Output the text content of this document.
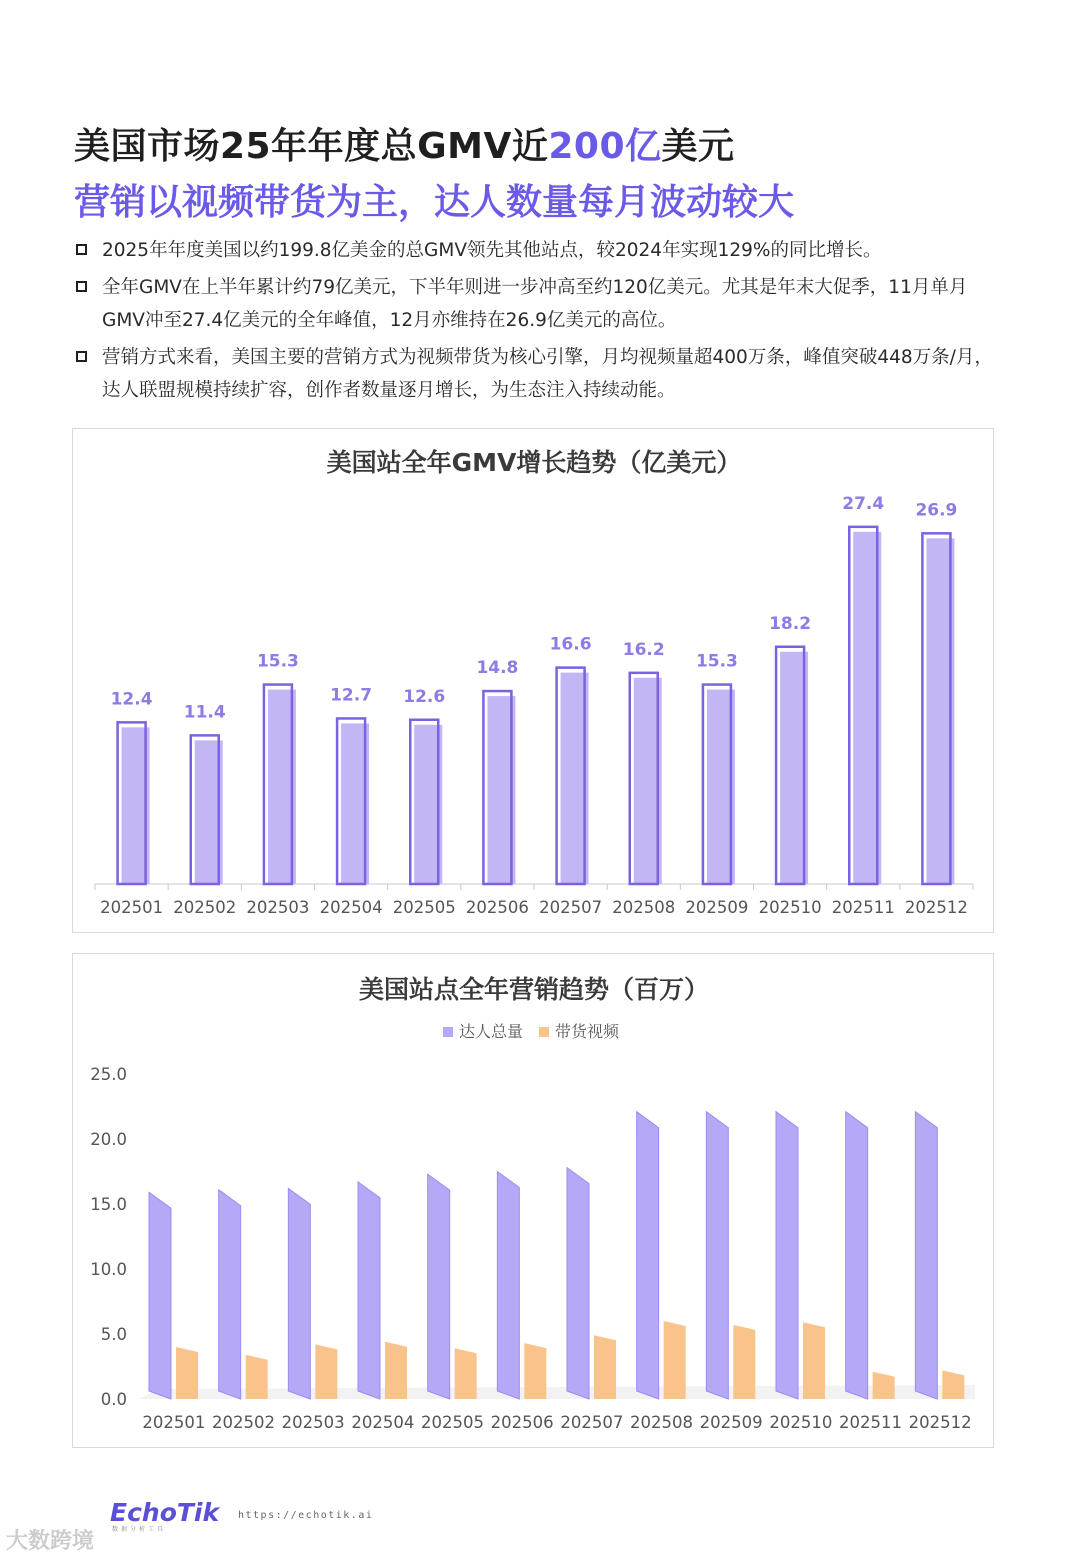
美国市场25年年度总GMV近200亿美元
营销以视频带货为主，达人数量每月波动较大
2025年年度美国以约199.8亿美金的总GMV领先其他站点，较2024年实现129%的同比增长。
全年GMV在上半年累计约79亿美元，下半年则进一步冲高至约120亿美元。尤其是年末大促季，11月单月GMV冲至27.4亿美元的全年峰值，12月亦维持在26.9亿美元的高位。
营销方式来看，美国主要的营销方式为视频带货为核心引擎，月均视频量超400万条，峰值突破448万条/月，达人联盟规模持续扩容，创作者数量逐月增长，为生态注入持续动能。
美国站全年GMV增长趋势（亿美元）
12.4
202501
11.4
202502
15.3
202503
12.7
202504
12.6
202505
14.8
202506
16.6
202507
16.2
202508
15.3
202509
18.2
202510
27.4
202511
26.9
202512
美国站点全年营销趋势（百万）
达人总量 带货视频
0.0
5.0
10.0
15.0
20.0
25.0
202501 202502 202503 202504 202505 202506 202507 202508 202509 202510 202511 202512
EchoTik
数据分析工具
https://echotik.ai
大数跨境
